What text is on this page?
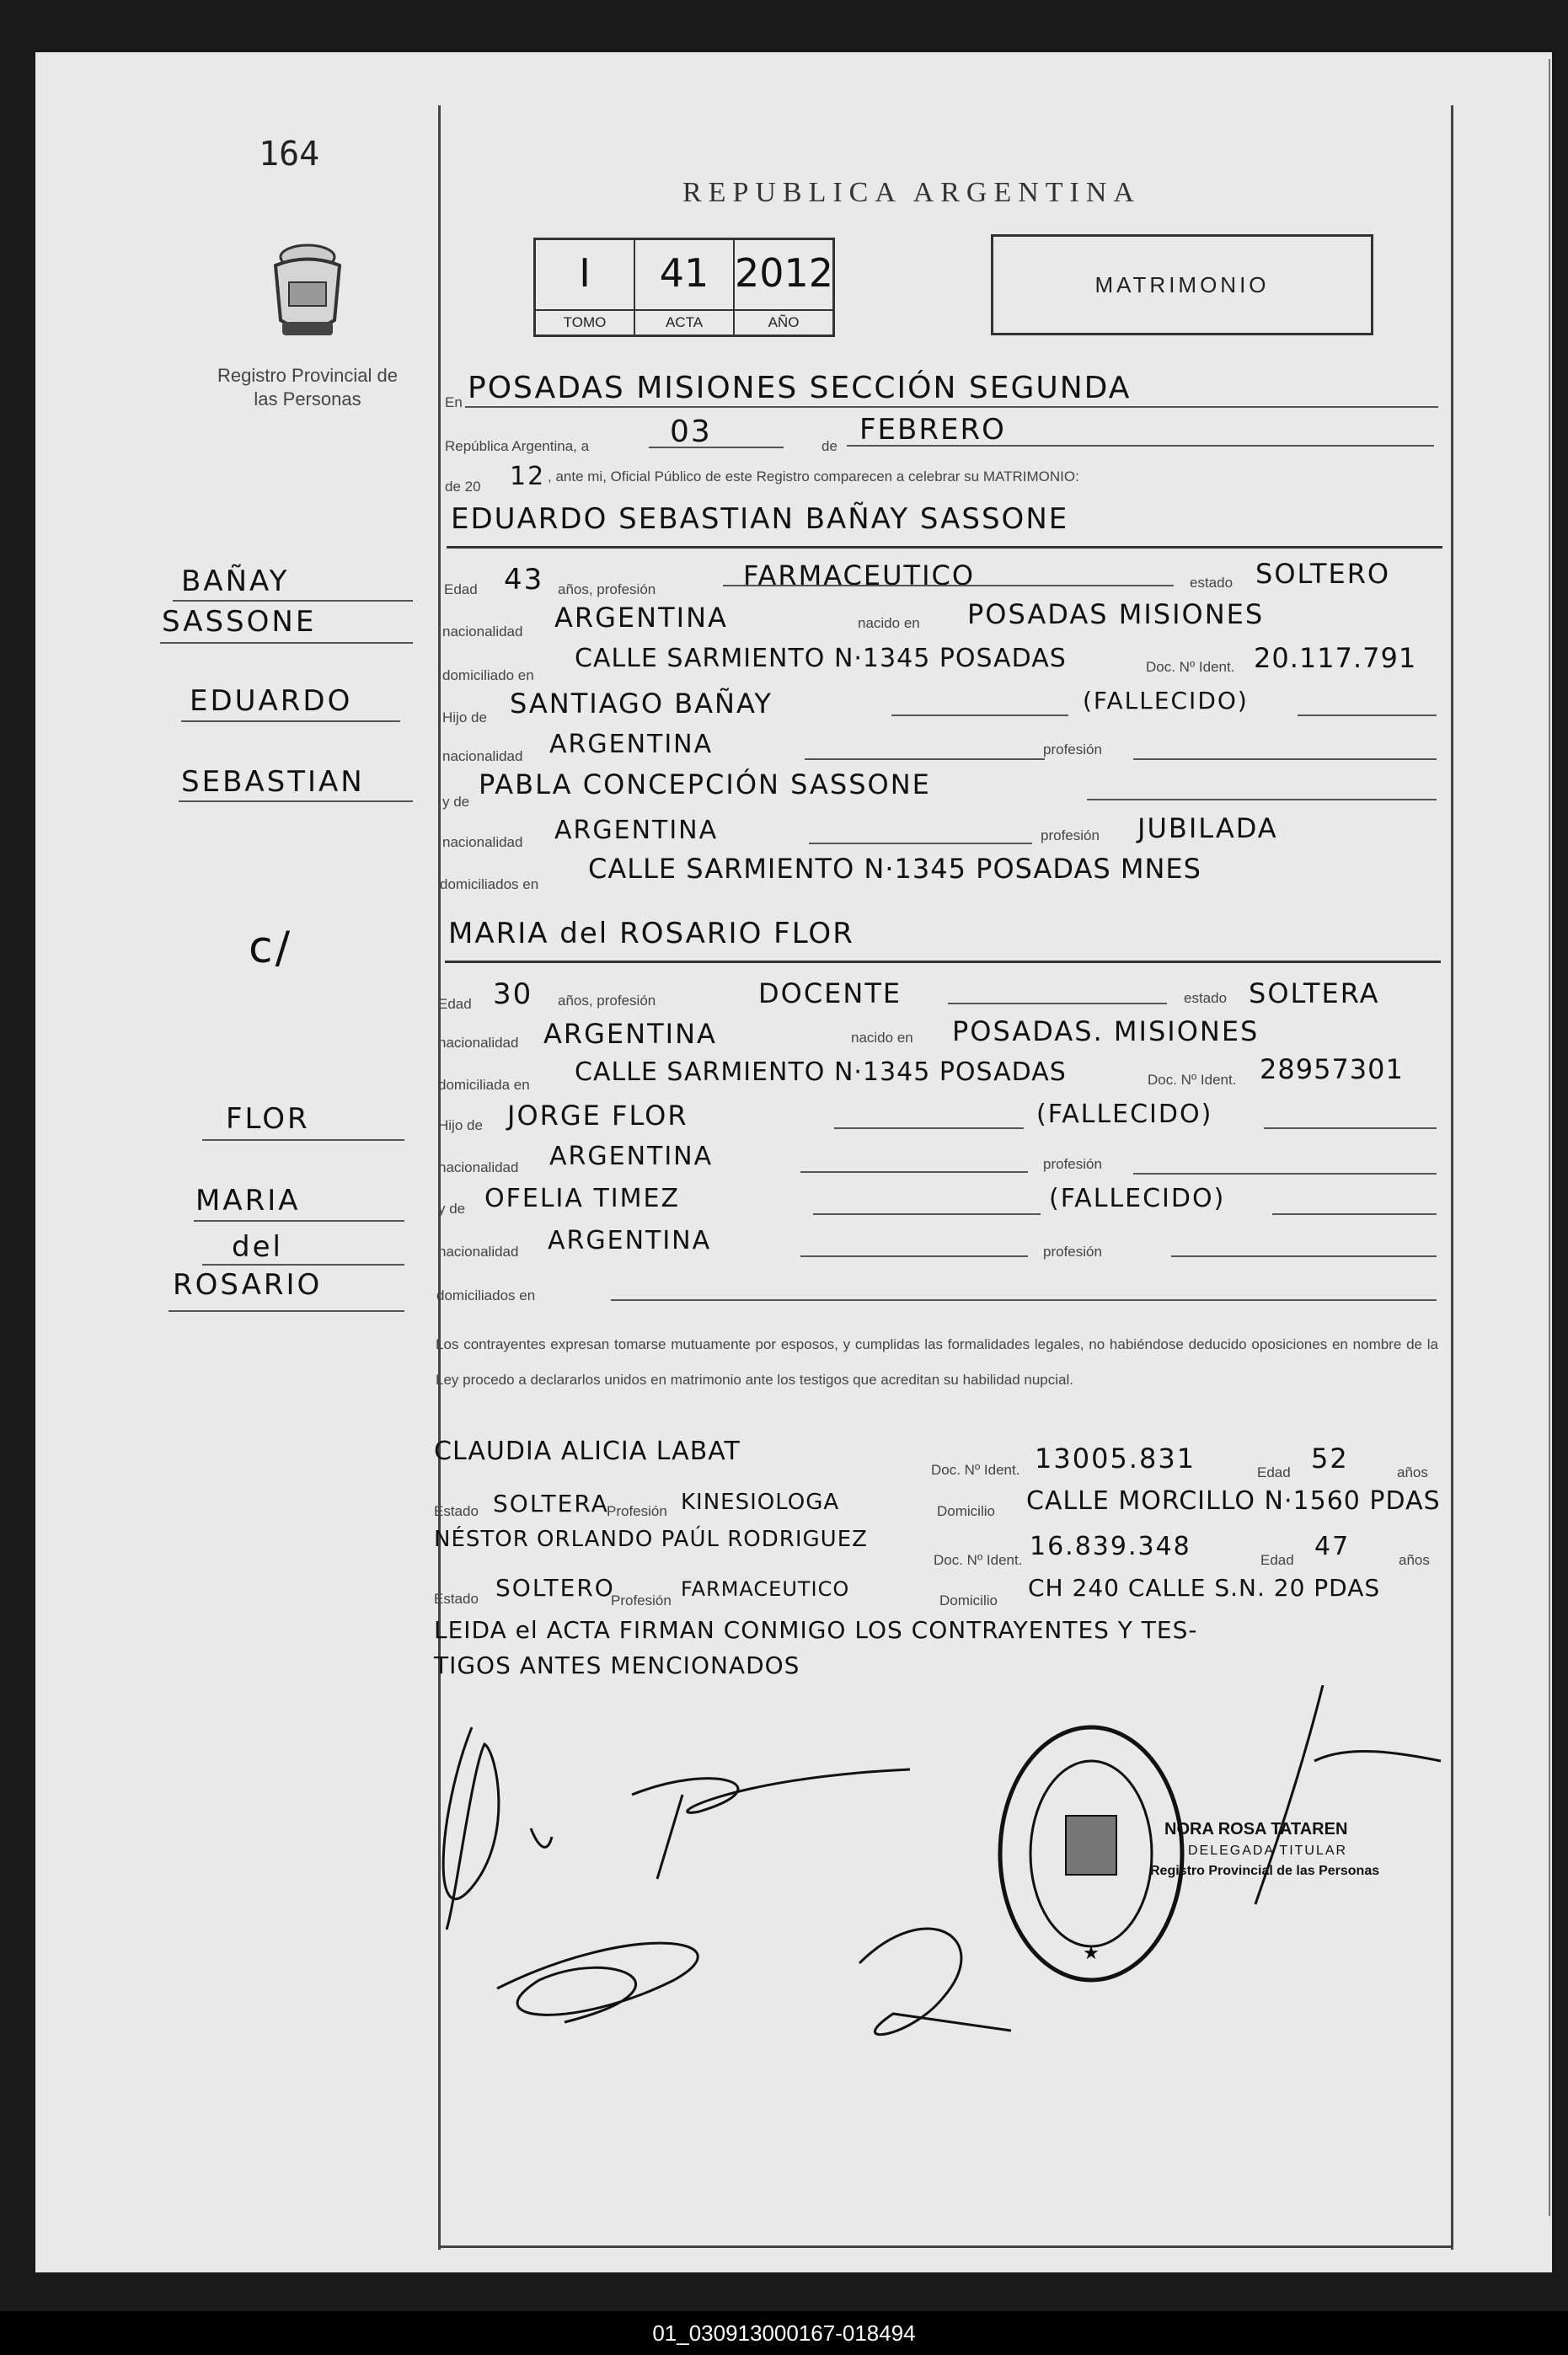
164
Registro Provincial de las Personas
REPUBLICA ARGENTINA
I
TOMO
41
ACTA
2012
AÑO
MATRIMONIO
BAÑAY
SASSONE
EDUARDO
SEBASTIAN
c/
FLOR
MARIA
del
ROSARIO
En POSADAS MISIONES SECCIÓN SEGUNDA
República Argentina, a	03	de FEBRERO
de 20 12 , ante mi, Oficial Público de este Registro comparecen a celebrar su MATRIMONIO:
EDUARDO SEBASTIAN BAÑAY SASSONE
Edad 43 años, profesión	FARMACEUTICO	estado SOLTERO
nacionalidad ARGENTINA	nacido en POSADAS MISIONES
domiciliado en
CALLE SARMIENTO N·1345 POSADAS	Doc. Nº Ident. 20.117.791
Hijo de SANTIAGO BAÑAY	(FALLECIDO)
nacionalidad ARGENTINA	profesión
y de
PABLA CONCEPCIÓN SASSONE
nacionalidad ARGENTINA	profesión JUBILADA
domiciliados en CALLE SARMIENTO N·1345 POSADAS MNES
MARIA del ROSARIO FLOR
Edad 30 años, profesión	DOCENTE	estado SOLTERA
nacionalidad ARGENTINA	nacido en POSADAS. MISIONES
domiciliada en CALLE SARMIENTO N·1345 POSADAS	Doc. Nº Ident. 28957301
Hijo de JORGE FLOR	(FALLECIDO)
nacionalidad ARGENTINA	profesión
y de OFELIA TIMEZ	(FALLECIDO)
nacionalidad ARGENTINA	profesión
domiciliados en
Los contrayentes expresan tomarse mutuamente por esposos, y cumplidas las formalidades legales, no habiéndose deducido oposiciones en nombre de la Ley procedo a declararlos unidos en matrimonio ante los testigos que acreditan su habilidad nupcial.
CLAUDIA ALICIA LABAT
Doc. Nº Ident. 13005.831	Edad 52	años
Estado SOLTERA
Profesión KINESIOLOGA	Domicilio CALLE MORCILLO N·1560 PDAS
NÉSTOR ORLANDO PAÚL RODRIGUEZ
Doc. Nº Ident. 16.839.348	Edad 47	años
Estado SOLTERO
Profesión FARMACEUTICO	Domicilio CH 240 CALLE S.N. 20 PDAS
LEIDA el ACTA FIRMAN CONMIGO LOS CONTRAYENTES Y TES-
TIGOS ANTES MENCIONADOS
★
NORA ROSA TATAREN
DELEGADA TITULAR
Registro Provincial de las Personas
01_030913000167-018494
